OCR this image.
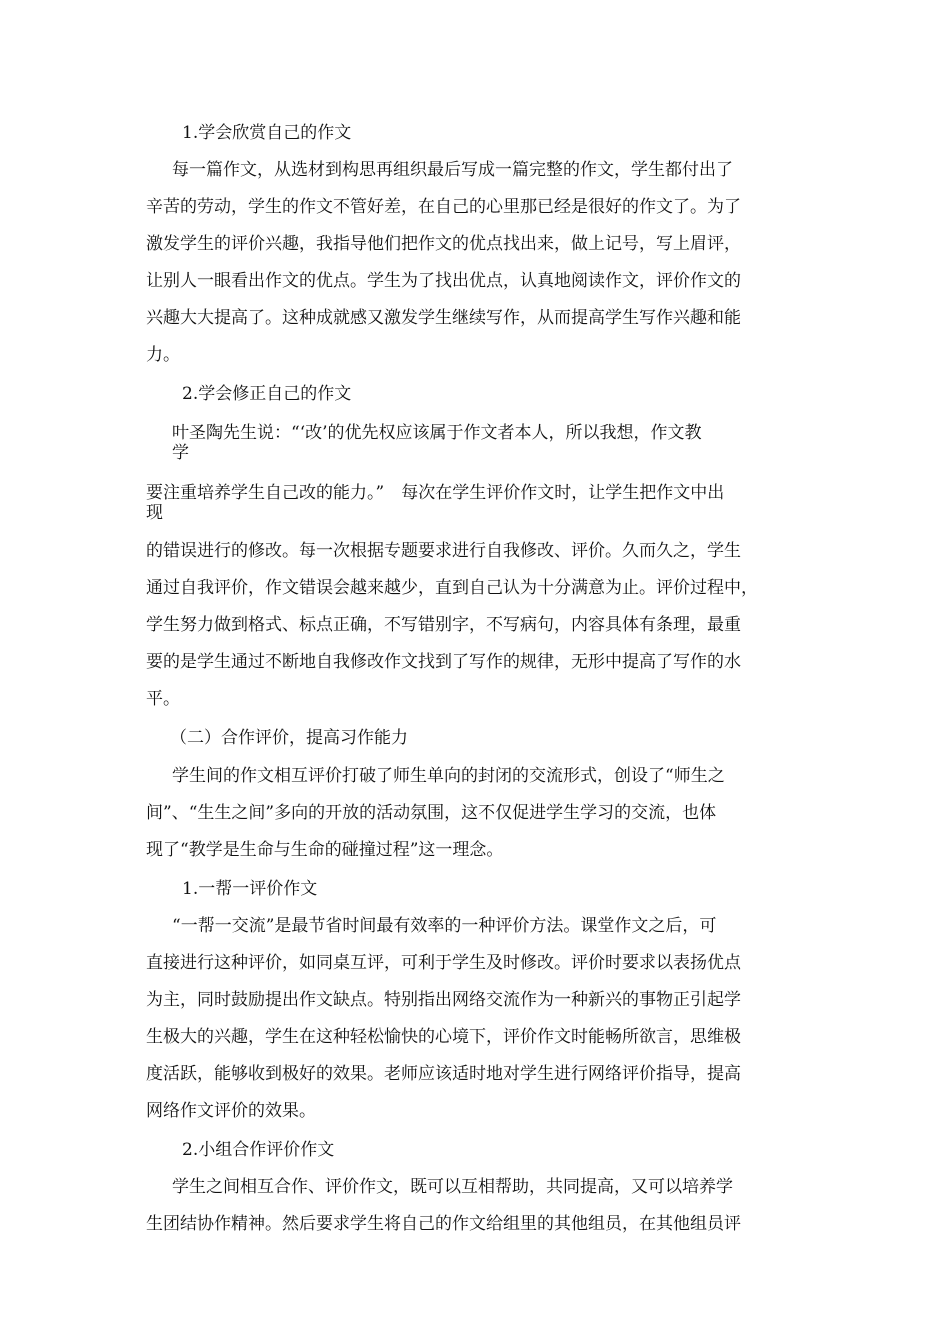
1.学会欣赏自己的作文
每一篇作文，从选材到构思再组织最后写成一篇完整的作文，学生都付出了
辛苦的劳动，学生的作文不管好差，在自己的心里那已经是很好的作文了。为了
激发学生的评价兴趣，我指导他们把作文的优点找出来，做上记号，写上眉评，
让别人一眼看出作文的优点。学生为了找出优点，认真地阅读作文，评价作文的
兴趣大大提高了。这种成就感又激发学生继续写作，从而提高学生写作兴趣和能
力。
2.学会修正自己的作文
叶圣陶先生说：“‘改’的优先权应该属于作文者本人，所以我想，作文教
学
要注重培养学生自己改的能力。”　每次在学生评价作文时，让学生把作文中出
现
的错误进行的修改。每一次根据专题要求进行自我修改、评价。久而久之，学生
通过自我评价，作文错误会越来越少，直到自己认为十分满意为止。评价过程中，
学生努力做到格式、标点正确，不写错别字，不写病句，内容具体有条理，最重
要的是学生通过不断地自我修改作文找到了写作的规律，无形中提高了写作的水
平。
（二）合作评价，提高习作能力
学生间的作文相互评价打破了师生单向的封闭的交流形式，创设了“师生之
间”、“生生之间”多向的开放的活动氛围，这不仅促进学生学习的交流，也体
现了“教学是生命与生命的碰撞过程”这一理念。
1.一帮一评价作文
“一帮一交流”是最节省时间最有效率的一种评价方法。课堂作文之后，可
直接进行这种评价，如同桌互评，可利于学生及时修改。评价时要求以表扬优点
为主，同时鼓励提出作文缺点。特别指出网络交流作为一种新兴的事物正引起学
生极大的兴趣，学生在这种轻松愉快的心境下，评价作文时能畅所欲言，思维极
度活跃，能够收到极好的效果。老师应该适时地对学生进行网络评价指导，提高
网络作文评价的效果。
2.小组合作评价作文
学生之间相互合作、评价作文，既可以互相帮助，共同提高，又可以培养学
生团结协作精神。然后要求学生将自己的作文给组里的其他组员，在其他组员评
